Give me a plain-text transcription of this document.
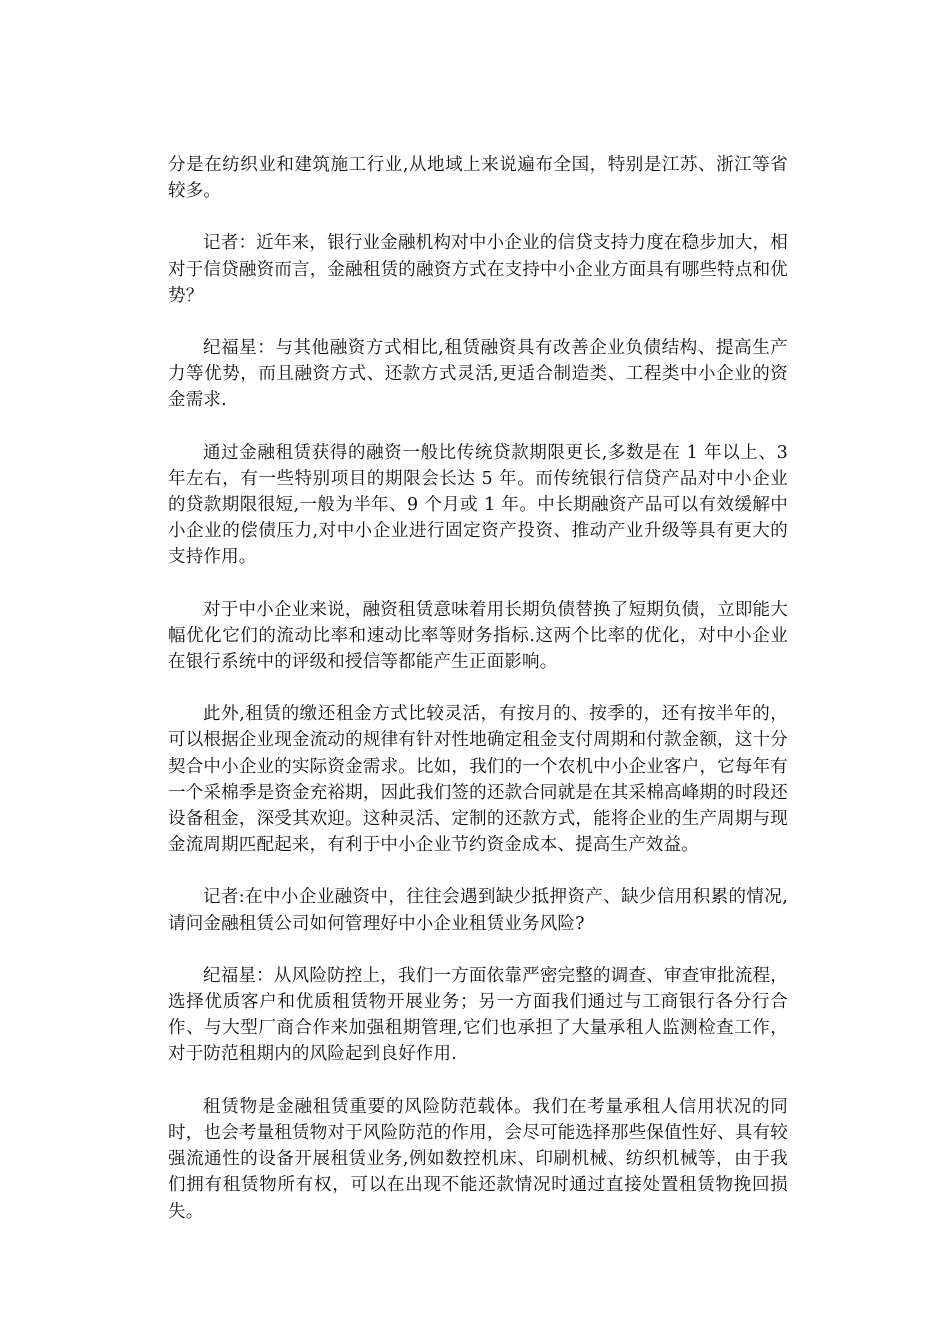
分是在纺织业和建筑施工行业,从地域上来说遍布全国，特别是江苏、浙江等省较多。

记者：近年来，银行业金融机构对中小企业的信贷支持力度在稳步加大，相对于信贷融资而言，金融租赁的融资方式在支持中小企业方面具有哪些特点和优势？

纪福星：与其他融资方式相比,租赁融资具有改善企业负债结构、提高生产力等优势，而且融资方式、还款方式灵活,更适合制造类、工程类中小企业的资金需求.

通过金融租赁获得的融资一般比传统贷款期限更长,多数是在 1 年以上、3 年左右，有一些特别项目的期限会长达 5 年。而传统银行信贷产品对中小企业的贷款期限很短,一般为半年、9 个月或 1 年。中长期融资产品可以有效缓解中小企业的偿债压力,对中小企业进行固定资产投资、推动产业升级等具有更大的支持作用。

对于中小企业来说，融资租赁意味着用长期负债替换了短期负债，立即能大幅优化它们的流动比率和速动比率等财务指标.这两个比率的优化，对中小企业在银行系统中的评级和授信等都能产生正面影响。

此外,租赁的缴还租金方式比较灵活，有按月的、按季的，还有按半年的，可以根据企业现金流动的规律有针对性地确定租金支付周期和付款金额，这十分契合中小企业的实际资金需求。比如，我们的一个农机中小企业客户，它每年有一个采棉季是资金充裕期，因此我们签的还款合同就是在其采棉高峰期的时段还设备租金，深受其欢迎。这种灵活、定制的还款方式，能将企业的生产周期与现金流周期匹配起来，有利于中小企业节约资金成本、提高生产效益。

记者:在中小企业融资中，往往会遇到缺少抵押资产、缺少信用积累的情况,请问金融租赁公司如何管理好中小企业租赁业务风险?

纪福星：从风险防控上，我们一方面依靠严密完整的调查、审查审批流程，选择优质客户和优质租赁物开展业务；另一方面我们通过与工商银行各分行合作、与大型厂商合作来加强租期管理,它们也承担了大量承租人监测检查工作，对于防范租期内的风险起到良好作用.

租赁物是金融租赁重要的风险防范载体。我们在考量承租人信用状况的同时，也会考量租赁物对于风险防范的作用，会尽可能选择那些保值性好、具有较强流通性的设备开展租赁业务,例如数控机床、印刷机械、纺织机械等，由于我们拥有租赁物所有权，可以在出现不能还款情况时通过直接处置租赁物挽回损失。
